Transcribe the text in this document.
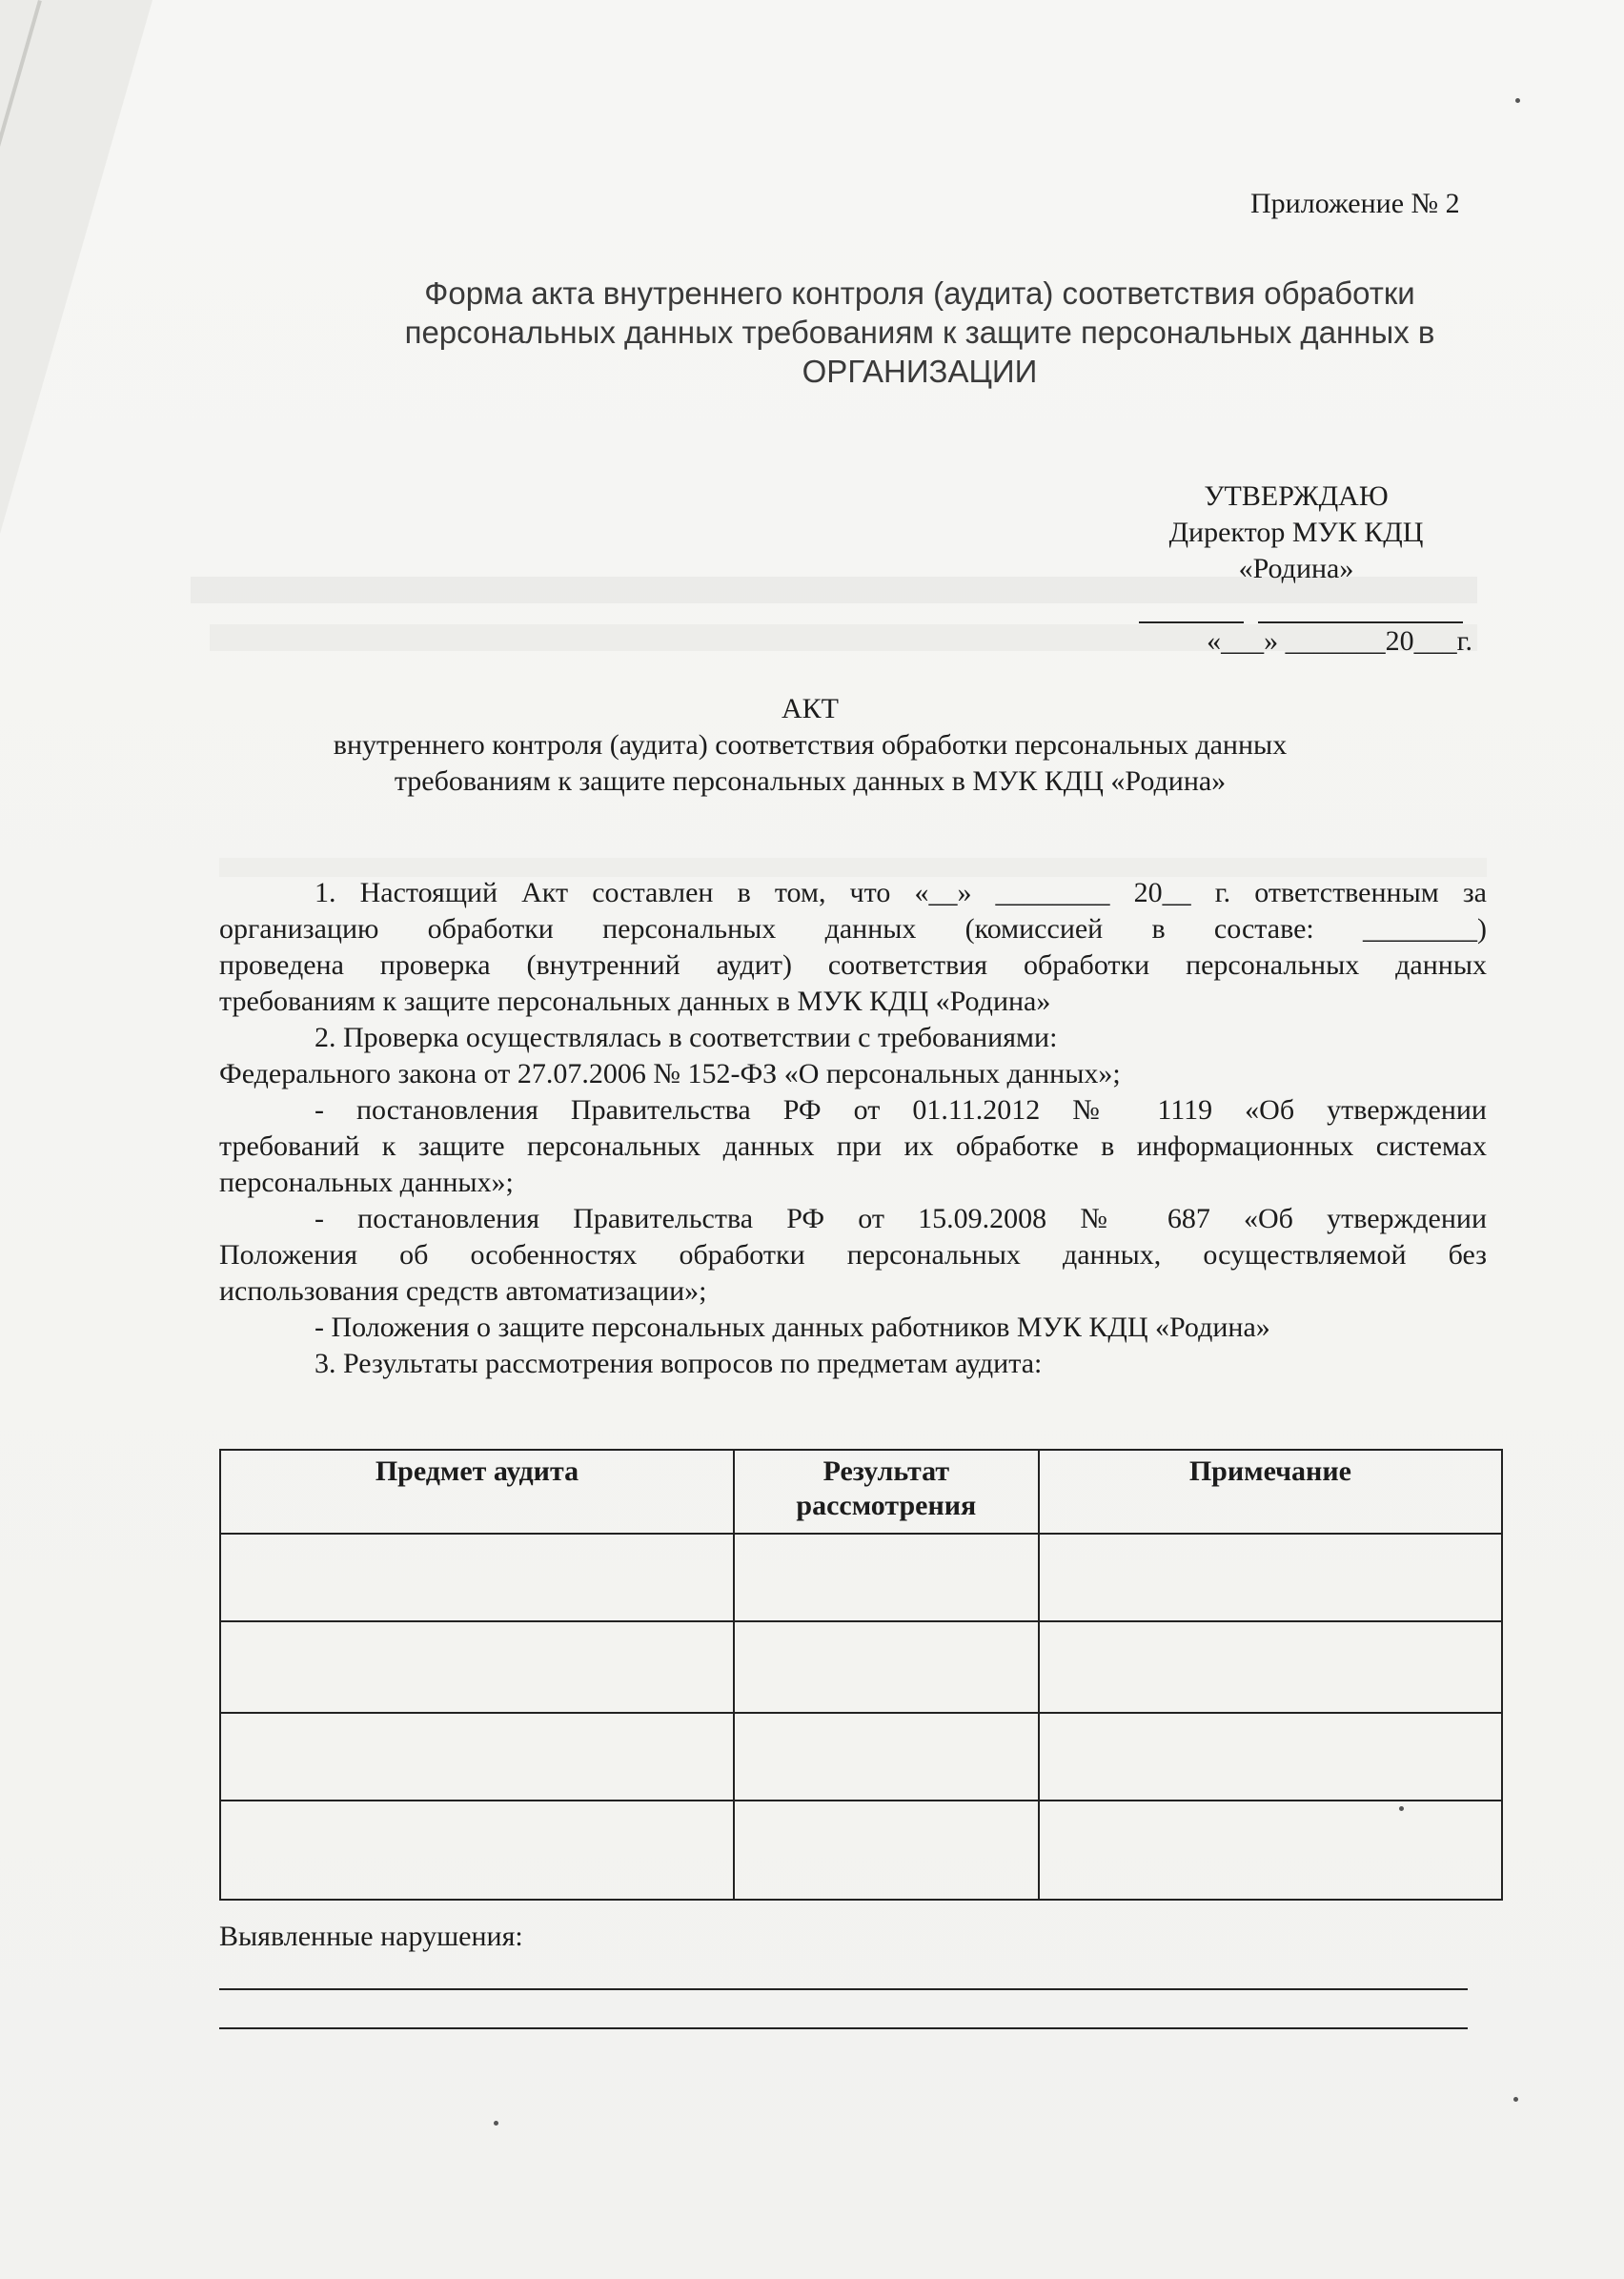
Приложение № 2
Форма акта внутреннего контроля (аудита) соответствия обработки
персональных данных требованиям к защите персональных данных в
ОРГАНИЗАЦИИ
УТВЕРЖДАЮ
Директор МУК КДЦ
«Родина»
«___» _______20___г.
АКТ
внутреннего контроля (аудита) соответствия обработки персональных данных
требованиям к защите персональных данных в МУК КДЦ «Родина»
1. Настоящий Акт составлен в том, что «__» ________ 20__ г. ответственным за
организацию обработки персональных данных (комиссией в составе: ________)
проведена проверка (внутренний аудит) соответствия обработки персональных данных
требованиям к защите персональных данных в МУК КДЦ «Родина»
2. Проверка осуществлялась в соответствии с требованиями:
Федерального закона от 27.07.2006 № 152-ФЗ «О персональных данных»;
- постановления Правительства РФ от 01.11.2012 № 1119 «Об утверждении
требований к защите персональных данных при их обработке в информационных системах
персональных данных»;
- постановления Правительства РФ от 15.09.2008 № 687 «Об утверждении
Положения об особенностях обработки персональных данных, осуществляемой без
использования средств автоматизации»;
- Положения о защите персональных данных работников МУК КДЦ «Родина»
3. Результаты рассмотрения вопросов по предметам аудита:
Предмет аудита	Результат рассмотрения	Примечание

Выявленные нарушения:
